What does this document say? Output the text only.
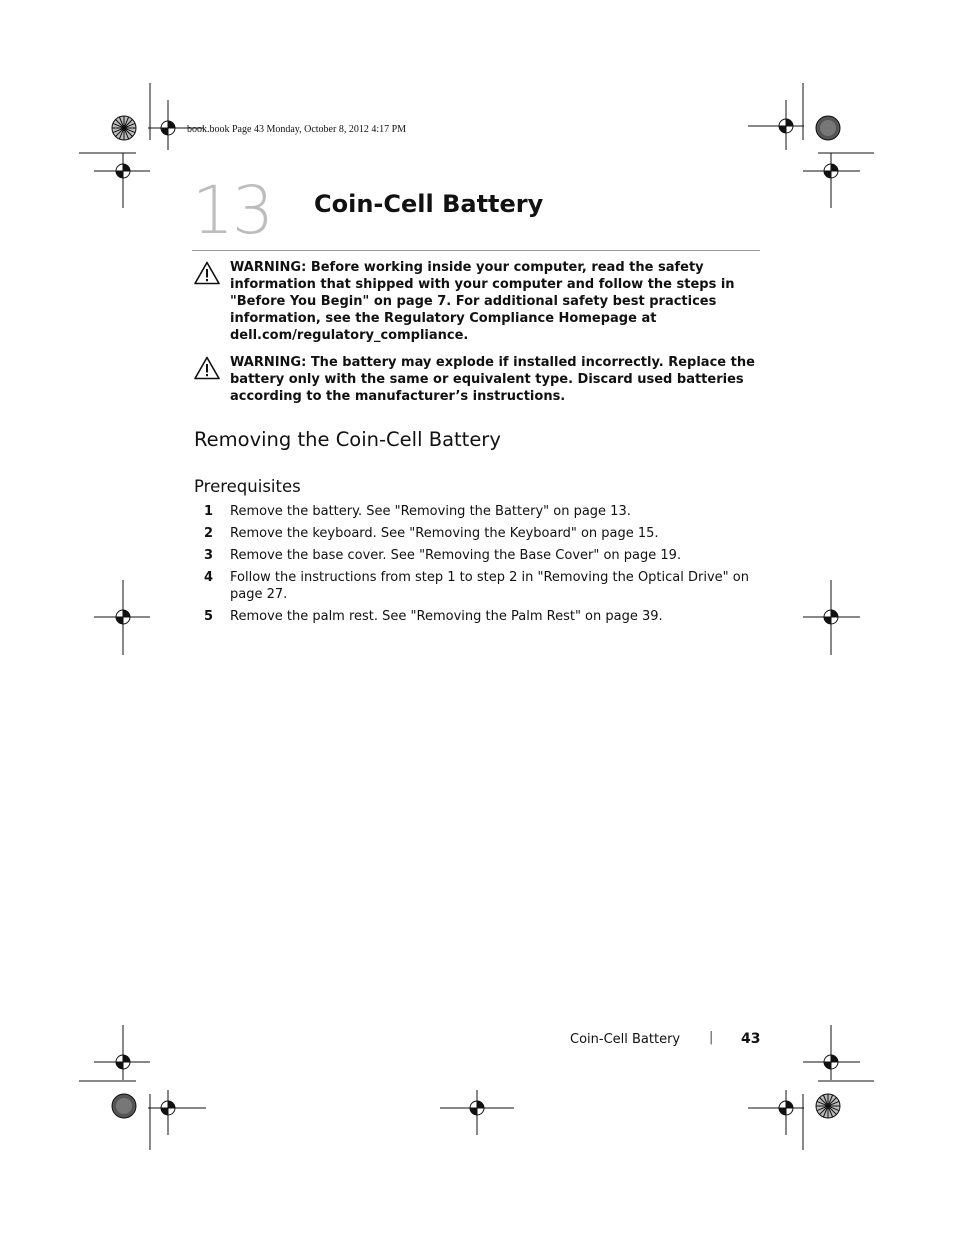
book.book Page 43 Monday, October 8, 2012 4:17 PM
13 Coin-Cell Battery
WARNING: Before working inside your computer, read the safety information that shipped with your computer and follow the steps in "Before You Begin" on page 7. For additional safety best practices information, see the Regulatory Compliance Homepage at dell.com/regulatory_compliance.
WARNING: The battery may explode if installed incorrectly. Replace the battery only with the same or equivalent type. Discard used batteries according to the manufacturer’s instructions.
Removing the Coin-Cell Battery
Prerequisites
1 Remove the battery. See "Removing the Battery" on page 13.
2 Remove the keyboard. See "Removing the Keyboard" on page 15.
3 Remove the base cover. See "Removing the Base Cover" on page 19.
4 Follow the instructions from step 1 to step 2 in "Removing the Optical Drive" on page 27.
5 Remove the palm rest. See "Removing the Palm Rest" on page 39.
Coin-Cell Battery | 43
